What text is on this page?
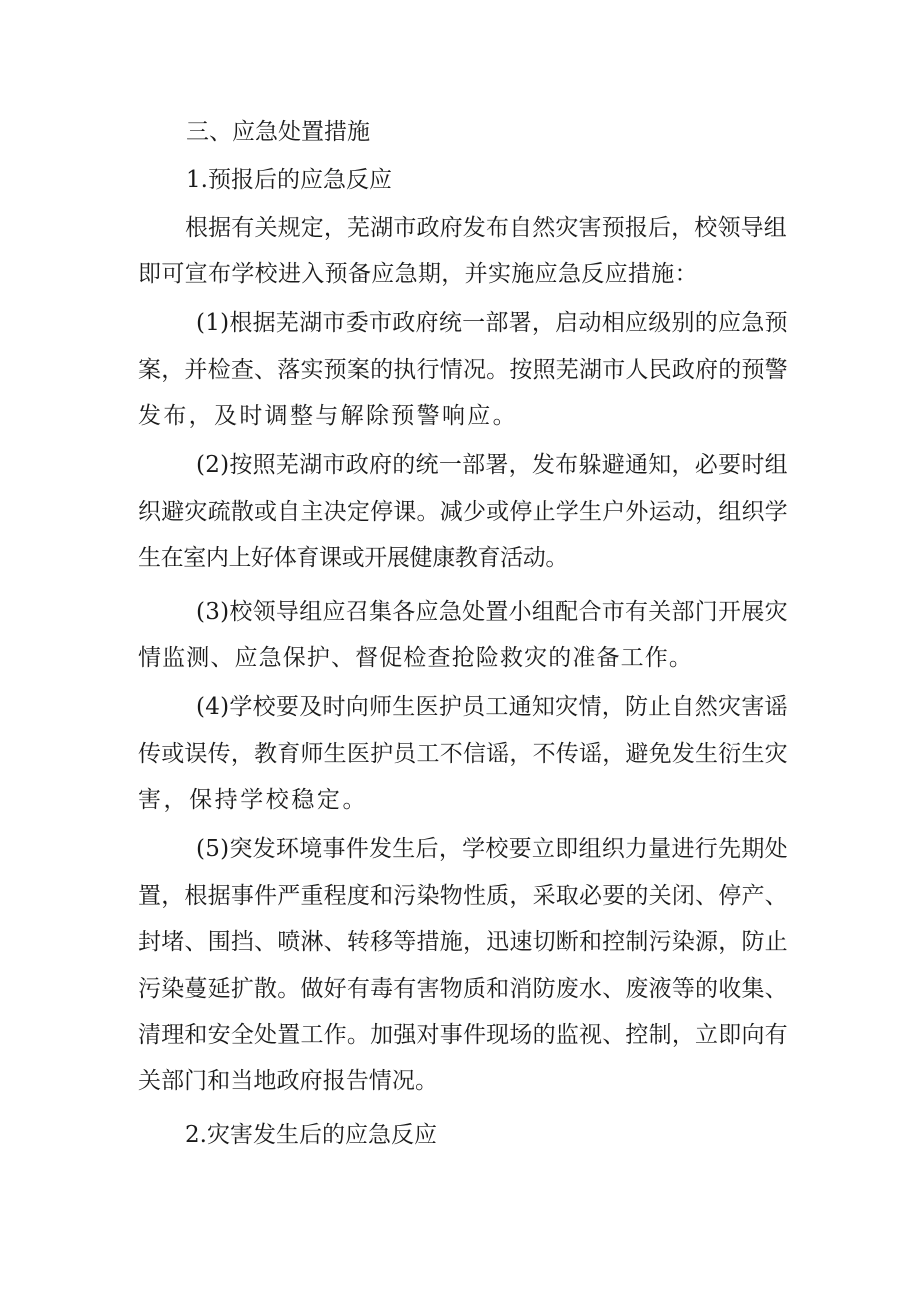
三、应急处置措施
1.预报后的应急反应
根据有关规定，芜湖市政府发布自然灾害预报后，校领导组
即可宣布学校进入预备应急期，并实施应急反应措施：
(1)根据芜湖市委市政府统一部署，启动相应级别的应急预
案，并检查、落实预案的执行情况。按照芜湖市人民政府的预警
发布，及时调整与解除预警响应。
(2)按照芜湖市政府的统一部署，发布躲避通知，必要时组
织避灾疏散或自主决定停课。减少或停止学生户外运动，组织学
生在室内上好体育课或开展健康教育活动。
(3)校领导组应召集各应急处置小组配合市有关部门开展灾
情监测、应急保护、督促检查抢险救灾的准备工作。
(4)学校要及时向师生医护员工通知灾情，防止自然灾害谣
传或误传，教育师生医护员工不信谣，不传谣，避免发生衍生灾
害，保持学校稳定。
(5)突发环境事件发生后，学校要立即组织力量进行先期处
置，根据事件严重程度和污染物性质，采取必要的关闭、停产、
封堵、围挡、喷淋、转移等措施，迅速切断和控制污染源，防止
污染蔓延扩散。做好有毒有害物质和消防废水、废液等的收集、
清理和安全处置工作。加强对事件现场的监视、控制，立即向有
关部门和当地政府报告情况。
2.灾害发生后的应急反应
